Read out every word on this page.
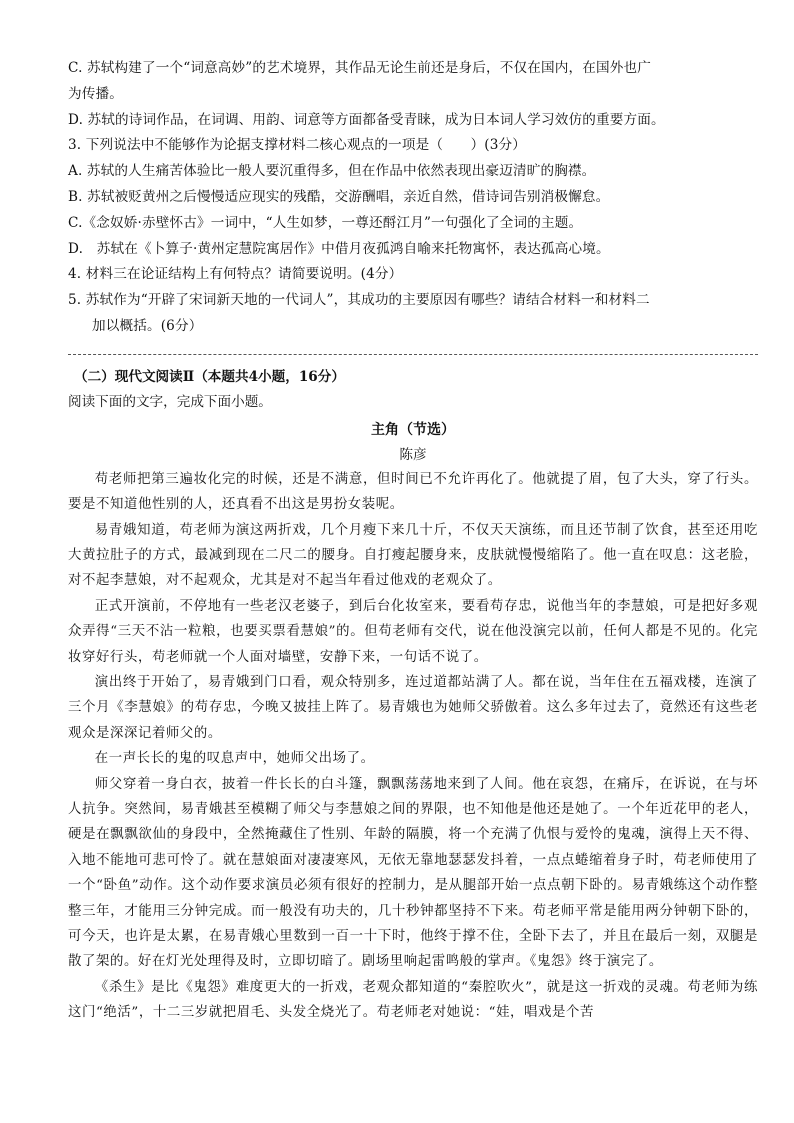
C. 苏轼构建了一个“词意高妙”的艺术境界，其作品无论生前还是身后，不仅在国内，在国外也广
为传播。
D. 苏轼的诗词作品，在词调、用韵、词意等方面都备受青睐，成为日本词人学习效仿的重要方面。
3. 下列说法中不能够作为论据支撑材料二核心观点的一项是（　　）(3分）
A. 苏轼的人生痛苦体验比一般人要沉重得多，但在作品中依然表现出豪迈清旷的胸襟。
B. 苏轼被贬黄州之后慢慢适应现实的残酷，交游酬唱，亲近自然，借诗词告别消极懈怠。
C.《念奴娇·赤壁怀古》一词中，“人生如梦，一尊还酹江月”一句强化了全词的主题。
D.　苏轼在《卜算子·黄州定慧院寓居作》中借月夜孤鸿自喻来托物寓怀，表达孤高心境。
4. 材料三在论证结构上有何特点？请简要说明。(4分）
5. 苏轼作为“开辟了宋词新天地的一代词人”，其成功的主要原因有哪些？请结合材料一和材料二
加以概括。(6分）
（二）现代文阅读Ⅱ（本题共4小题，16分）
阅读下面的文字，完成下面小题。
主角（节选）
陈彦

苟老师把第三遍妆化完的时候，还是不满意，但时间已不允许再化了。他就提了眉，包了大头，穿了行头。要是不知道他性别的人，还真看不出这是男扮女装呢。

易青娥知道，苟老师为演这两折戏，几个月瘦下来几十斤，不仅天天演练，而且还节制了饮食，甚至还用吃大黄拉肚子的方式，最减到现在二尺二的腰身。自打瘦起腰身来，皮肤就慢慢缩陷了。他一直在叹息：这老脸，对不起李慧娘，对不起观众，尤其是对不起当年看过他戏的老观众了。

正式开演前，不停地有一些老汉老婆子，到后台化妆室来，要看苟存忠，说他当年的李慧娘，可是把好多观众弄得“三天不沾一粒粮，也要买票看慧娘”的。但苟老师有交代，说在他没演完以前，任何人都是不见的。化完妆穿好行头，苟老师就一个人面对墙壁，安静下来，一句话不说了。

演出终于开始了，易青娥到门口看，观众特别多，连过道都站满了人。都在说，当年住在五福戏楼，连演了三个月《李慧娘》的苟存忠，今晚又披挂上阵了。易青娥也为她师父骄傲着。这么多年过去了，竟然还有这些老观众是深深记着师父的。

在一声长长的鬼的叹息声中，她师父出场了。

师父穿着一身白衣，披着一件长长的白斗篷，飘飘荡荡地来到了人间。他在哀怨，在痛斥，在诉说，在与坏人抗争。突然间，易青娥甚至模糊了师父与李慧娘之间的界限，也不知他是他还是她了。一个年近花甲的老人，硬是在飘飘欲仙的身段中，全然掩藏住了性别、年龄的隔膜，将一个充满了仇恨与爱怜的鬼魂，演得上天不得、入地不能地可悲可怜了。就在慧娘面对凄凄寒风，无依无靠地瑟瑟发抖着，一点点蜷缩着身子时，苟老师使用了一个“卧鱼”动作。这个动作要求演员必须有很好的控制力，是从腿部开始一点点朝下卧的。易青娥练这个动作整整三年，才能用三分钟完成。而一般没有功夫的，几十秒钟都坚持不下来。苟老师平常是能用两分钟朝下卧的，可今天，也许是太累，在易青娥心里数到一百一十下时，他终于撑不住，全卧下去了，并且在最后一刻，双腿是散了架的。好在灯光处理得及时，立即切暗了。剧场里响起雷鸣般的掌声。《鬼怨》终于演完了。

《杀生》是比《鬼怨》难度更大的一折戏，老观众都知道的“秦腔吹火”，就是这一折戏的灵魂。苟老师为练这门“绝活”，十二三岁就把眉毛、头发全烧光了。苟老师老对她说：“娃，唱戏是个苦
